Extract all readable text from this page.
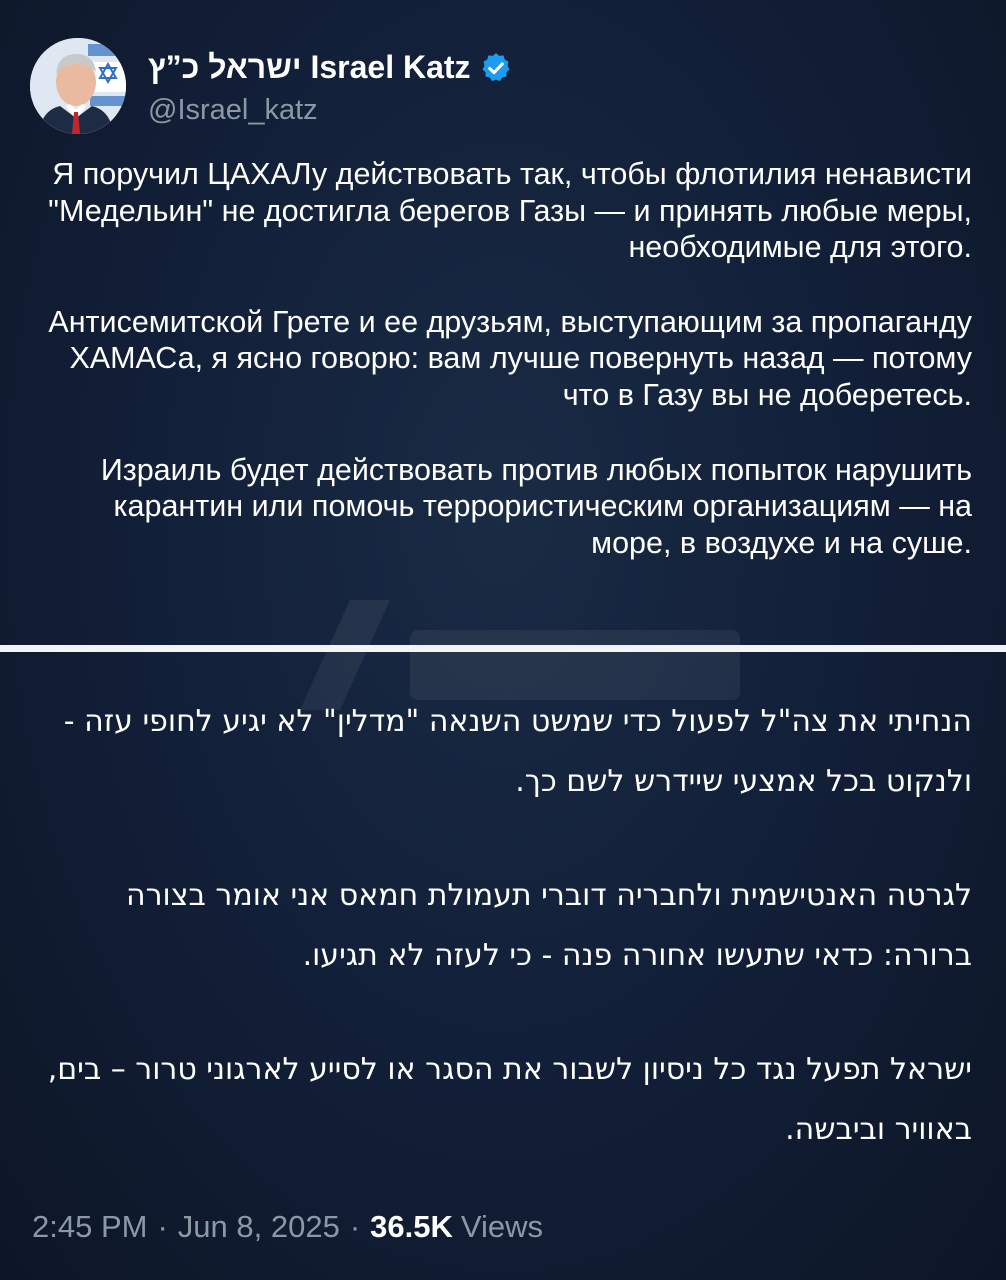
ישראל כ”ץ Israel Katz
@Israel_katz

Я поручил ЦАХАЛу действовать так, чтобы флотилия ненависти "Медельин" не достигла берегов Газы — и принять любые меры, необходимые для этого.

Антисемитской Грете и ее друзьям, выступающим за пропаганду ХАМАСа, я ясно говорю: вам лучше повернуть назад — потому что в Газу вы не доберетесь.

Израиль будет действовать против любых попыток нарушить карантин или помочь террористическим организациям — на море, в воздухе и на суше.

הנחיתי את צה"ל לפעול כדי שמשט השנאה "מדלין" לא יגיע לחופי עזה - ולנקוט בכל אמצעי שיידרש לשם כך.

לגרטה האנטישמית ולחבריה דוברי תעמולת חמאס אני אומר בצורה ברורה: כדאי שתעשו אחורה פנה - כי לעזה לא תגיעו.

ישראל תפעל נגד כל ניסיון לשבור את הסגר או לסייע לארגוני טרור – בים, באוויר וביבשה.

2:45 PM · Jun 8, 2025 · 36.5K Views
